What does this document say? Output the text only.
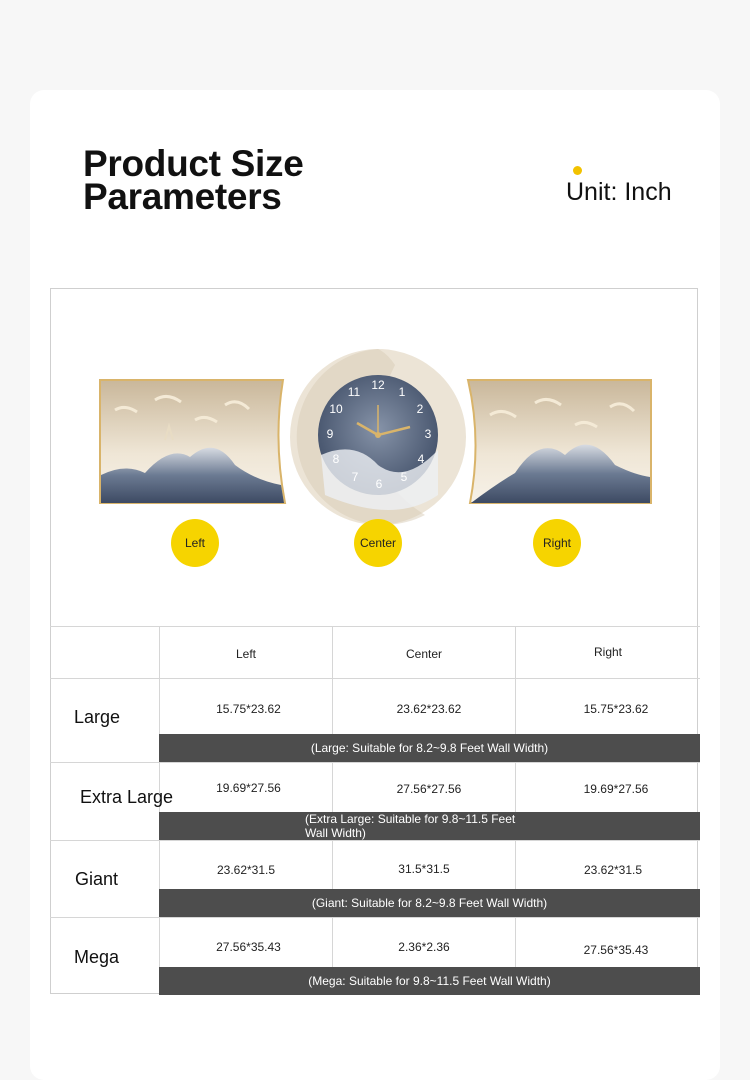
Product Size
Parameters	Unit: Inch
12 1
2
3
4
5
6
7
8
9
10
11
Left	Center	Right
Left	Center	Right
Large	15.75*23.62	23.62*23.62	15.75*23.62
(Large: Suitable for 8.2~9.8 Feet Wall Width)
Extra Large	19.69*27.56	27.56*27.56	19.69*27.56
(Extra Large: Suitable for 9.8~11.5 Feet Wall Width)
Giant	23.62*31.5	31.5*31.5	23.62*31.5
(Giant: Suitable for 8.2~9.8 Feet Wall Width)
Mega	27.56*35.43	2.36*2.36	27.56*35.43
(Mega: Suitable for 9.8~11.5 Feet Wall Width)
